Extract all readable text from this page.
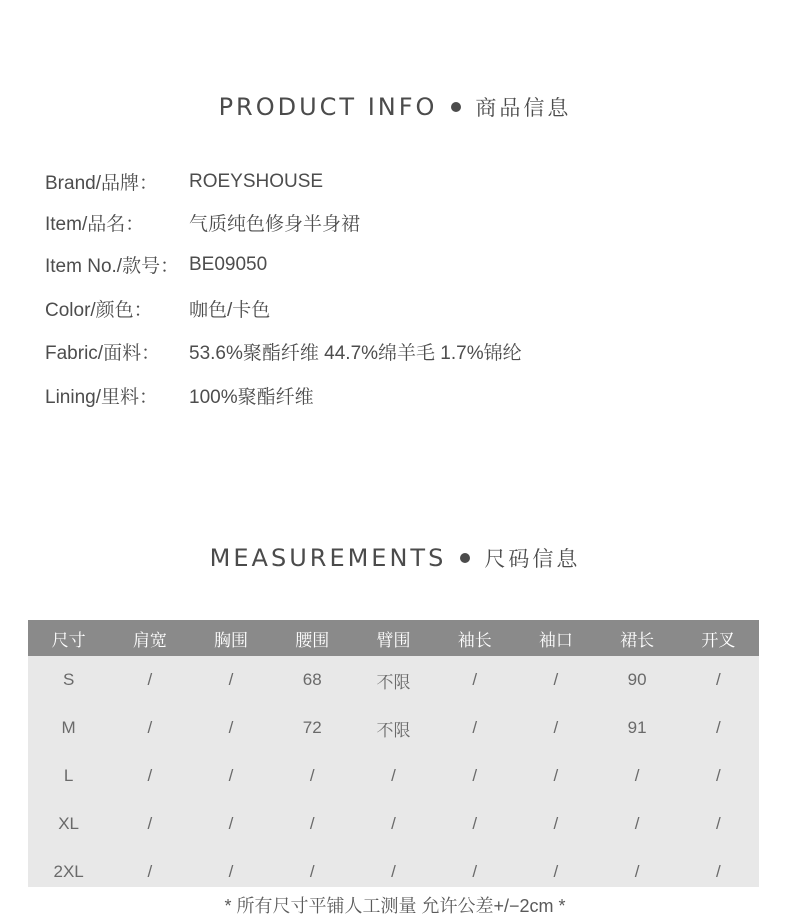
PRODUCT INFO 商品信息
Brand/品牌：	ROEYSHOUSE
Item/品名：	气质纯色修身半身裙
Item No./款号： BE09050
Color/颜色：	咖色/卡色
Fabric/面料：	53.6%聚酯纤维 44.7%绵羊毛 1.7%锦纶
Lining/里料：	100%聚酯纤维
MEASUREMENTS 尺码信息
尺寸	肩宽	胸围	腰围	臂围	袖长	袖口	裙长	开叉
S	/	/	68	不限	/	/	90	/
M	/	/	72	不限	/	/	91	/
L	/	/	/	/	/	/	/	/
XL	/	/	/	/	/	/	/	/
2XL	/	/	/	/	/	/	/	/
* 所有尺寸平铺人工测量 允许公差+/−2cm *
